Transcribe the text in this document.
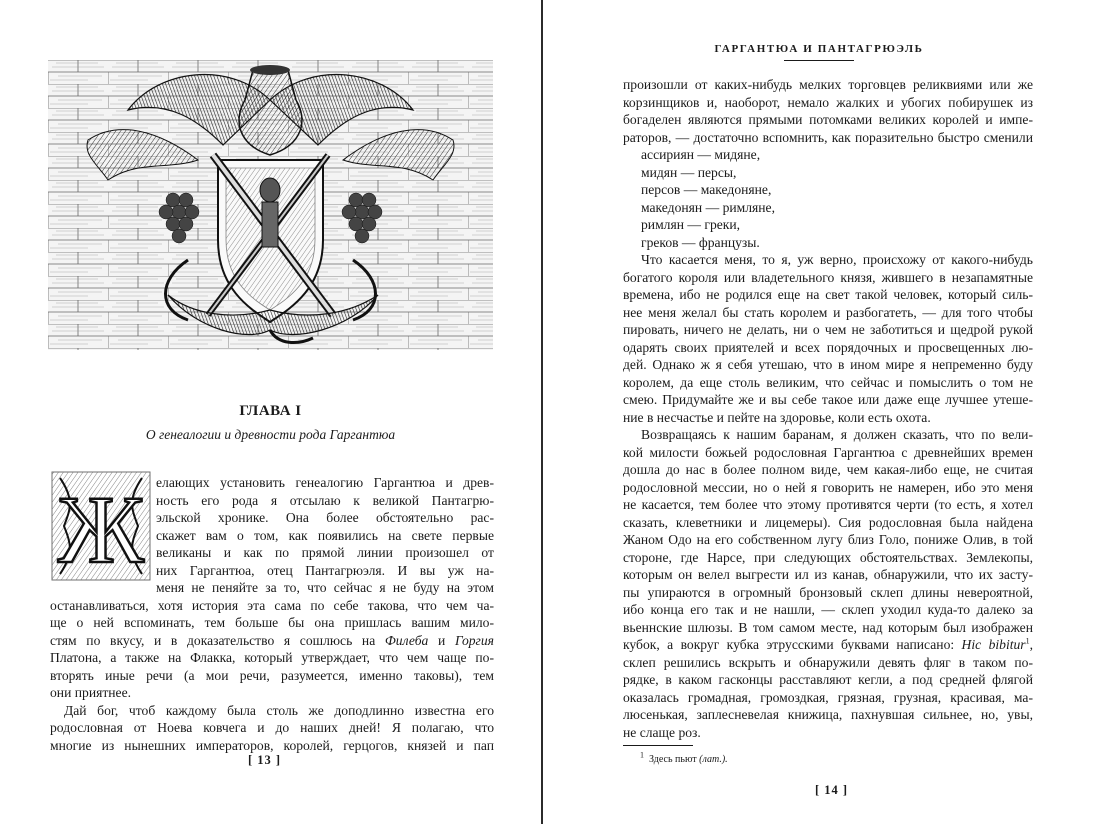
ГЛАВА I
О генеалогии и древности рода Гаргантюа
Ж елающих установить генеалогию Гаргантюа и древ-
ность его рода я отсылаю к великой Пантагрю-
эльской хронике. Она более обстоятельно рас-
скажет вам о том, как появились на свете первые
великаны и как по прямой линии произошел от
них Гаргантюа, отец Пантагрюэля. И вы уж на-
меня не пеняйте за то, что сейчас я не буду на этом
останавливаться, хотя история эта сама по себе такова, что чем ча-
ще о ней вспоминать, тем больше бы она пришлась вашим мило-
стям по вкусу, и в доказательство я сошлюсь на Филеба и Горгия
Платона, а также на Флакка, который утверждает, что чем чаще по-
вторять иные речи (а мои речи, разумеется, именно таковы), тем
они приятнее.
Дай бог, чтоб каждому была столь же доподлинно известна его
родословная от Ноева ковчега и до наших дней! Я полагаю, что
многие из нынешних императоров, королей, герцогов, князей и пап
[ 13 ]
ГАРГАНТЮА И ПАНТАГРЮЭЛЬ
произошли от каких-нибудь мелких торговцев реликвиями или же
корзинщиков и, наоборот, немало жалких и убогих побирушек из
богаделен являются прямыми потомками великих королей и импе-
раторов, — достаточно вспомнить, как поразительно быстро сменили
ассириян — мидяне,
мидян — персы,
персов — македоняне,
македонян — римляне,
римлян — греки,
греков — французы.
Что касается меня, то я, уж верно, происхожу от какого-нибудь
богатого короля или владетельного князя, жившего в незапамятные
времена, ибо не родился еще на свет такой человек, который силь-
нее меня желал бы стать королем и разбогатеть, — для того чтобы
пировать, ничего не делать, ни о чем не заботиться и щедрой рукой
одарять своих приятелей и всех порядочных и просвещенных лю-
дей. Однако ж я себя утешаю, что в ином мире я непременно буду
королем, да еще столь великим, что сейчас и помыслить о том не
смею. Придумайте же и вы себе такое или даже еще лучшее утеше-
ние в несчастье и пейте на здоровье, коли есть охота.
Возвращаясь к нашим баранам, я должен сказать, что по вели-
кой милости божьей родословная Гаргантюа с древнейших времен
дошла до нас в более полном виде, чем какая-либо еще, не считая
родословной мессии, но о ней я говорить не намерен, ибо это меня
не касается, тем более что этому противятся черти (то есть, я хотел
сказать, клеветники и лицемеры). Сия родословная была найдена
Жаном Одо на его собственном лугу близ Голо, пониже Олив, в той
стороне, где Нарсе, при следующих обстоятельствах. Землекопы,
которым он велел выгрести ил из канав, обнаружили, что их засту-
пы упираются в огромный бронзовый склеп длины невероятной,
ибо конца его так и не нашли, — склеп уходил куда-то далеко за
вьеннские шлюзы. В том самом месте, над которым был изображен
кубок, а вокруг кубка этрусскими буквами написано: Hic bibitur$^1$,
склеп решились вскрыть и обнаружили девять фляг в таком по-
рядке, в каком гасконцы расставляют кегли, а под средней флягой
оказалась громадная, громоздкая, грязная, грузная, красивая, ма-
люсенькая, заплесневелая книжица, пахнувшая сильнее, но, увы,
не слаще роз.
$^1$ Здесь пьют (лат.).
[ 14 ]
